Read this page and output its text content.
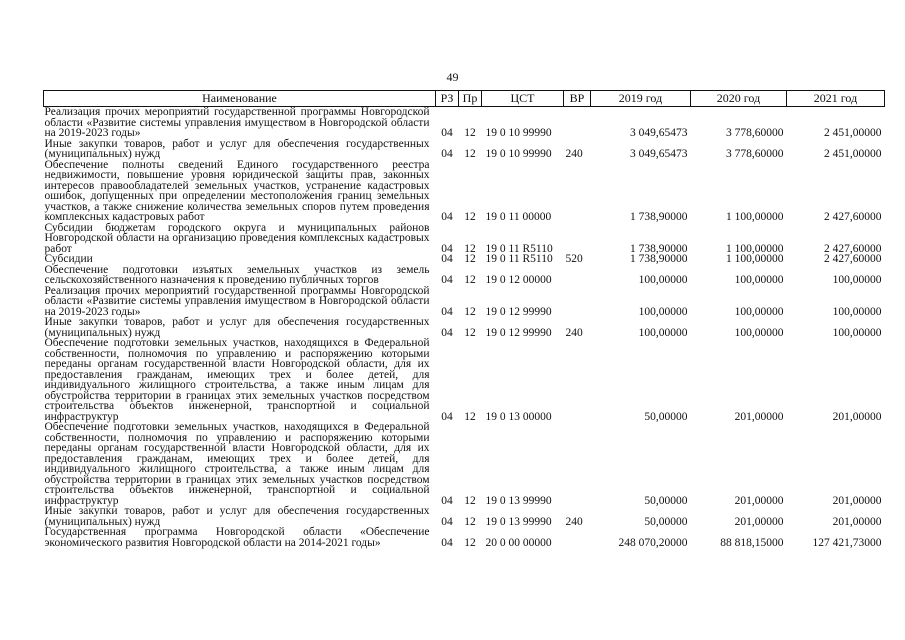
49
Наименование	РЗ	Пр	ЦСТ	ВР	2019 год	2020 год	2021 год
Реализация прочих мероприятий государственной программы Новгородской области «Развитие системы управления имуществом в Новгородской области на 2019-2023 годы»	04	12	19 0 10 99990		3 049,65473	3 778,60000	2 451,00000
Иные закупки товаров, работ и услуг для обеспечения государственных (муниципальных) нужд	04	12	19 0 10 99990	240	3 049,65473	3 778,60000	2 451,00000
Обеспечение полноты сведений Единого государственного реестра недвижимости, повышение уровня юридической защиты прав, законных интересов правообладателей земельных участков, устранение кадастровых ошибок, допущенных при определении местоположения границ земельных участков, а также снижение количества земельных споров путем проведения комплексных кадастровых работ	04	12	19 0 11 00000		1 738,90000	1 100,00000	2 427,60000
Субсидии бюджетам городского округа и муниципальных районов Новгородской области на организацию проведения комплексных кадастровых работ	04	12	19 0 11 R5110		1 738,90000	1 100,00000	2 427,60000
Субсидии	04	12	19 0 11 R5110	520	1 738,90000	1 100,00000	2 427,60000
Обеспечение подготовки изъятых земельных участков из земель сельскохозяйственного назначения к проведению публичных торгов	04	12	19 0 12 00000		100,00000	100,00000	100,00000
Реализация прочих мероприятий государственной программы Новгородской области «Развитие системы управления имуществом в Новгородской области на 2019-2023 годы»	04	12	19 0 12 99990		100,00000	100,00000	100,00000
Иные закупки товаров, работ и услуг для обеспечения государственных (муниципальных) нужд	04	12	19 0 12 99990	240	100,00000	100,00000	100,00000
Обеспечение подготовки земельных участков, находящихся в Федеральной собственности, полномочия по управлению и распоряжению которыми переданы органам государственной власти Новгородской области, для их предоставления гражданам, имеющих трех и более детей, для индивидуального жилищного строительства, а также иным лицам для обустройства территории в границах этих земельных участков посредством строительства объектов инженерной, транспортной и социальной инфраструктур	04	12	19 0 13 00000		50,00000	201,00000	201,00000
Обеспечение подготовки земельных участков, находящихся в Федеральной собственности, полномочия по управлению и распоряжению которыми переданы органам государственной власти Новгородской области, для их предоставления гражданам, имеющих трех и более детей, для индивидуального жилищного строительства, а также иным лицам для обустройства территории в границах этих земельных участков посредством строительства объектов инженерной, транспортной и социальной инфраструктур	04	12	19 0 13 99990		50,00000	201,00000	201,00000
Иные закупки товаров, работ и услуг для обеспечения государственных (муниципальных) нужд	04	12	19 0 13 99990	240	50,00000	201,00000	201,00000
Государственная программа Новгородской области «Обеспечение экономического развития Новгородской области на 2014-2021 годы»	04	12	20 0 00 00000		248 070,20000	88 818,15000	127 421,73000
